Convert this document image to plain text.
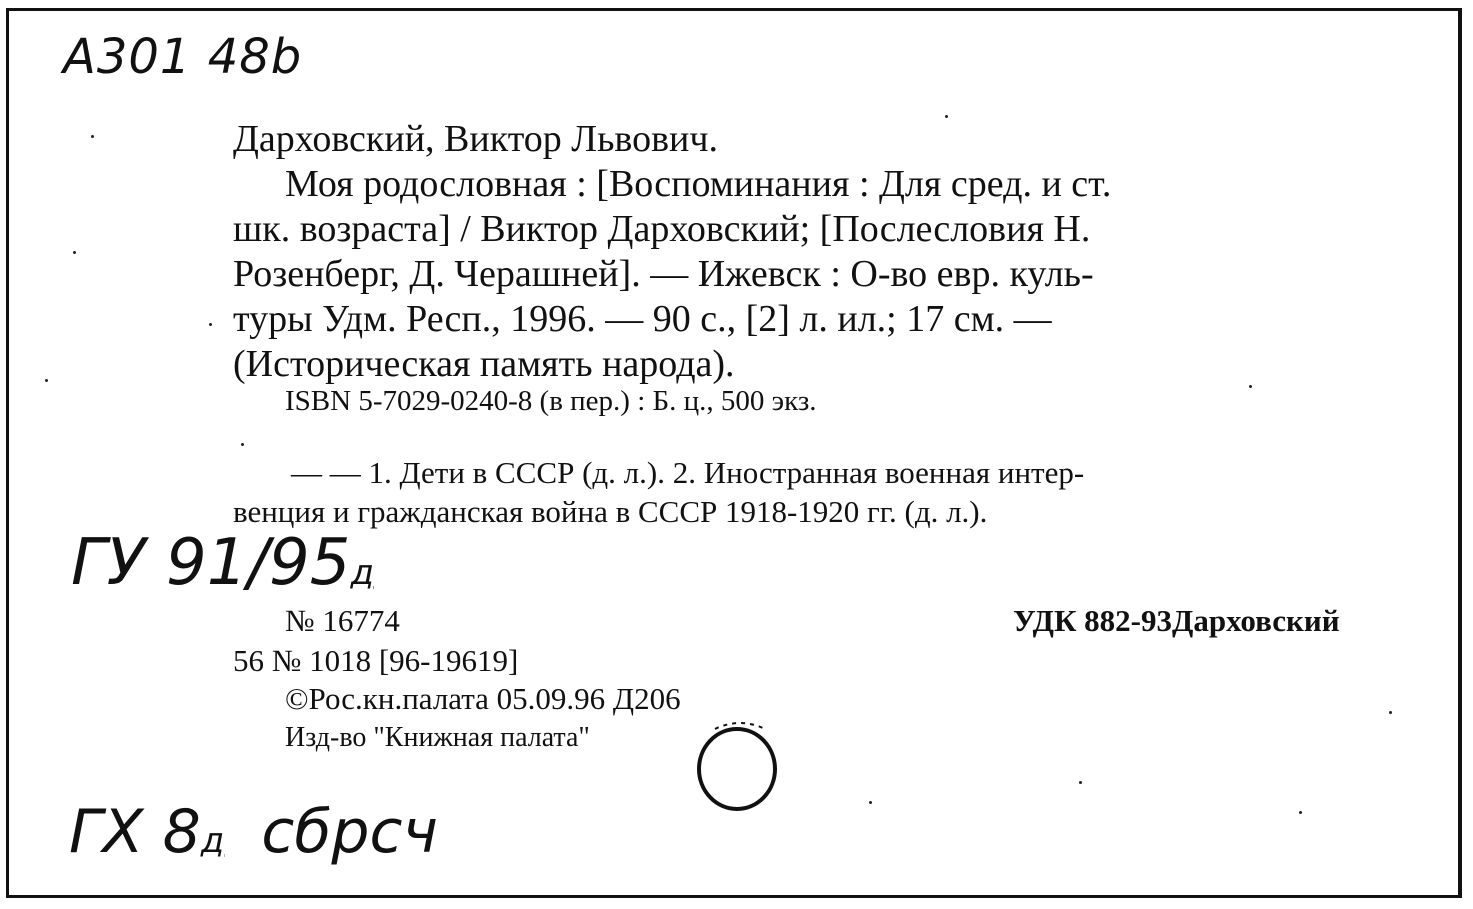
A301 48b
Дарховский, Виктор Львович.
Моя родословная : [Воспоминания : Для сред. и ст.
шк. возраста] / Виктор Дарховский; [Послесловия Н.
Розенберг, Д. Черашней]. — Ижевск : О-во евр. куль-
туры Удм. Респ., 1996. — 90 с., [2] л. ил.; 17 см. —
(Историческая память народа).
ISBN 5-7029-0240-8 (в пер.) : Б. ц., 500 экз.
— — 1. Дети в СССР (д. л.). 2. Иностранная военная интер-
венция и гражданская война в СССР 1918-1920 гг. (д. л.).
ГУ 91/95д
№ 16774	УДК 882-93Дарховский
56 № 1018 [96-19619]
©Рос.кн.палата 05.09.96 Д206
Изд-во "Книжная палата"
ГХ 8д сбрсч
